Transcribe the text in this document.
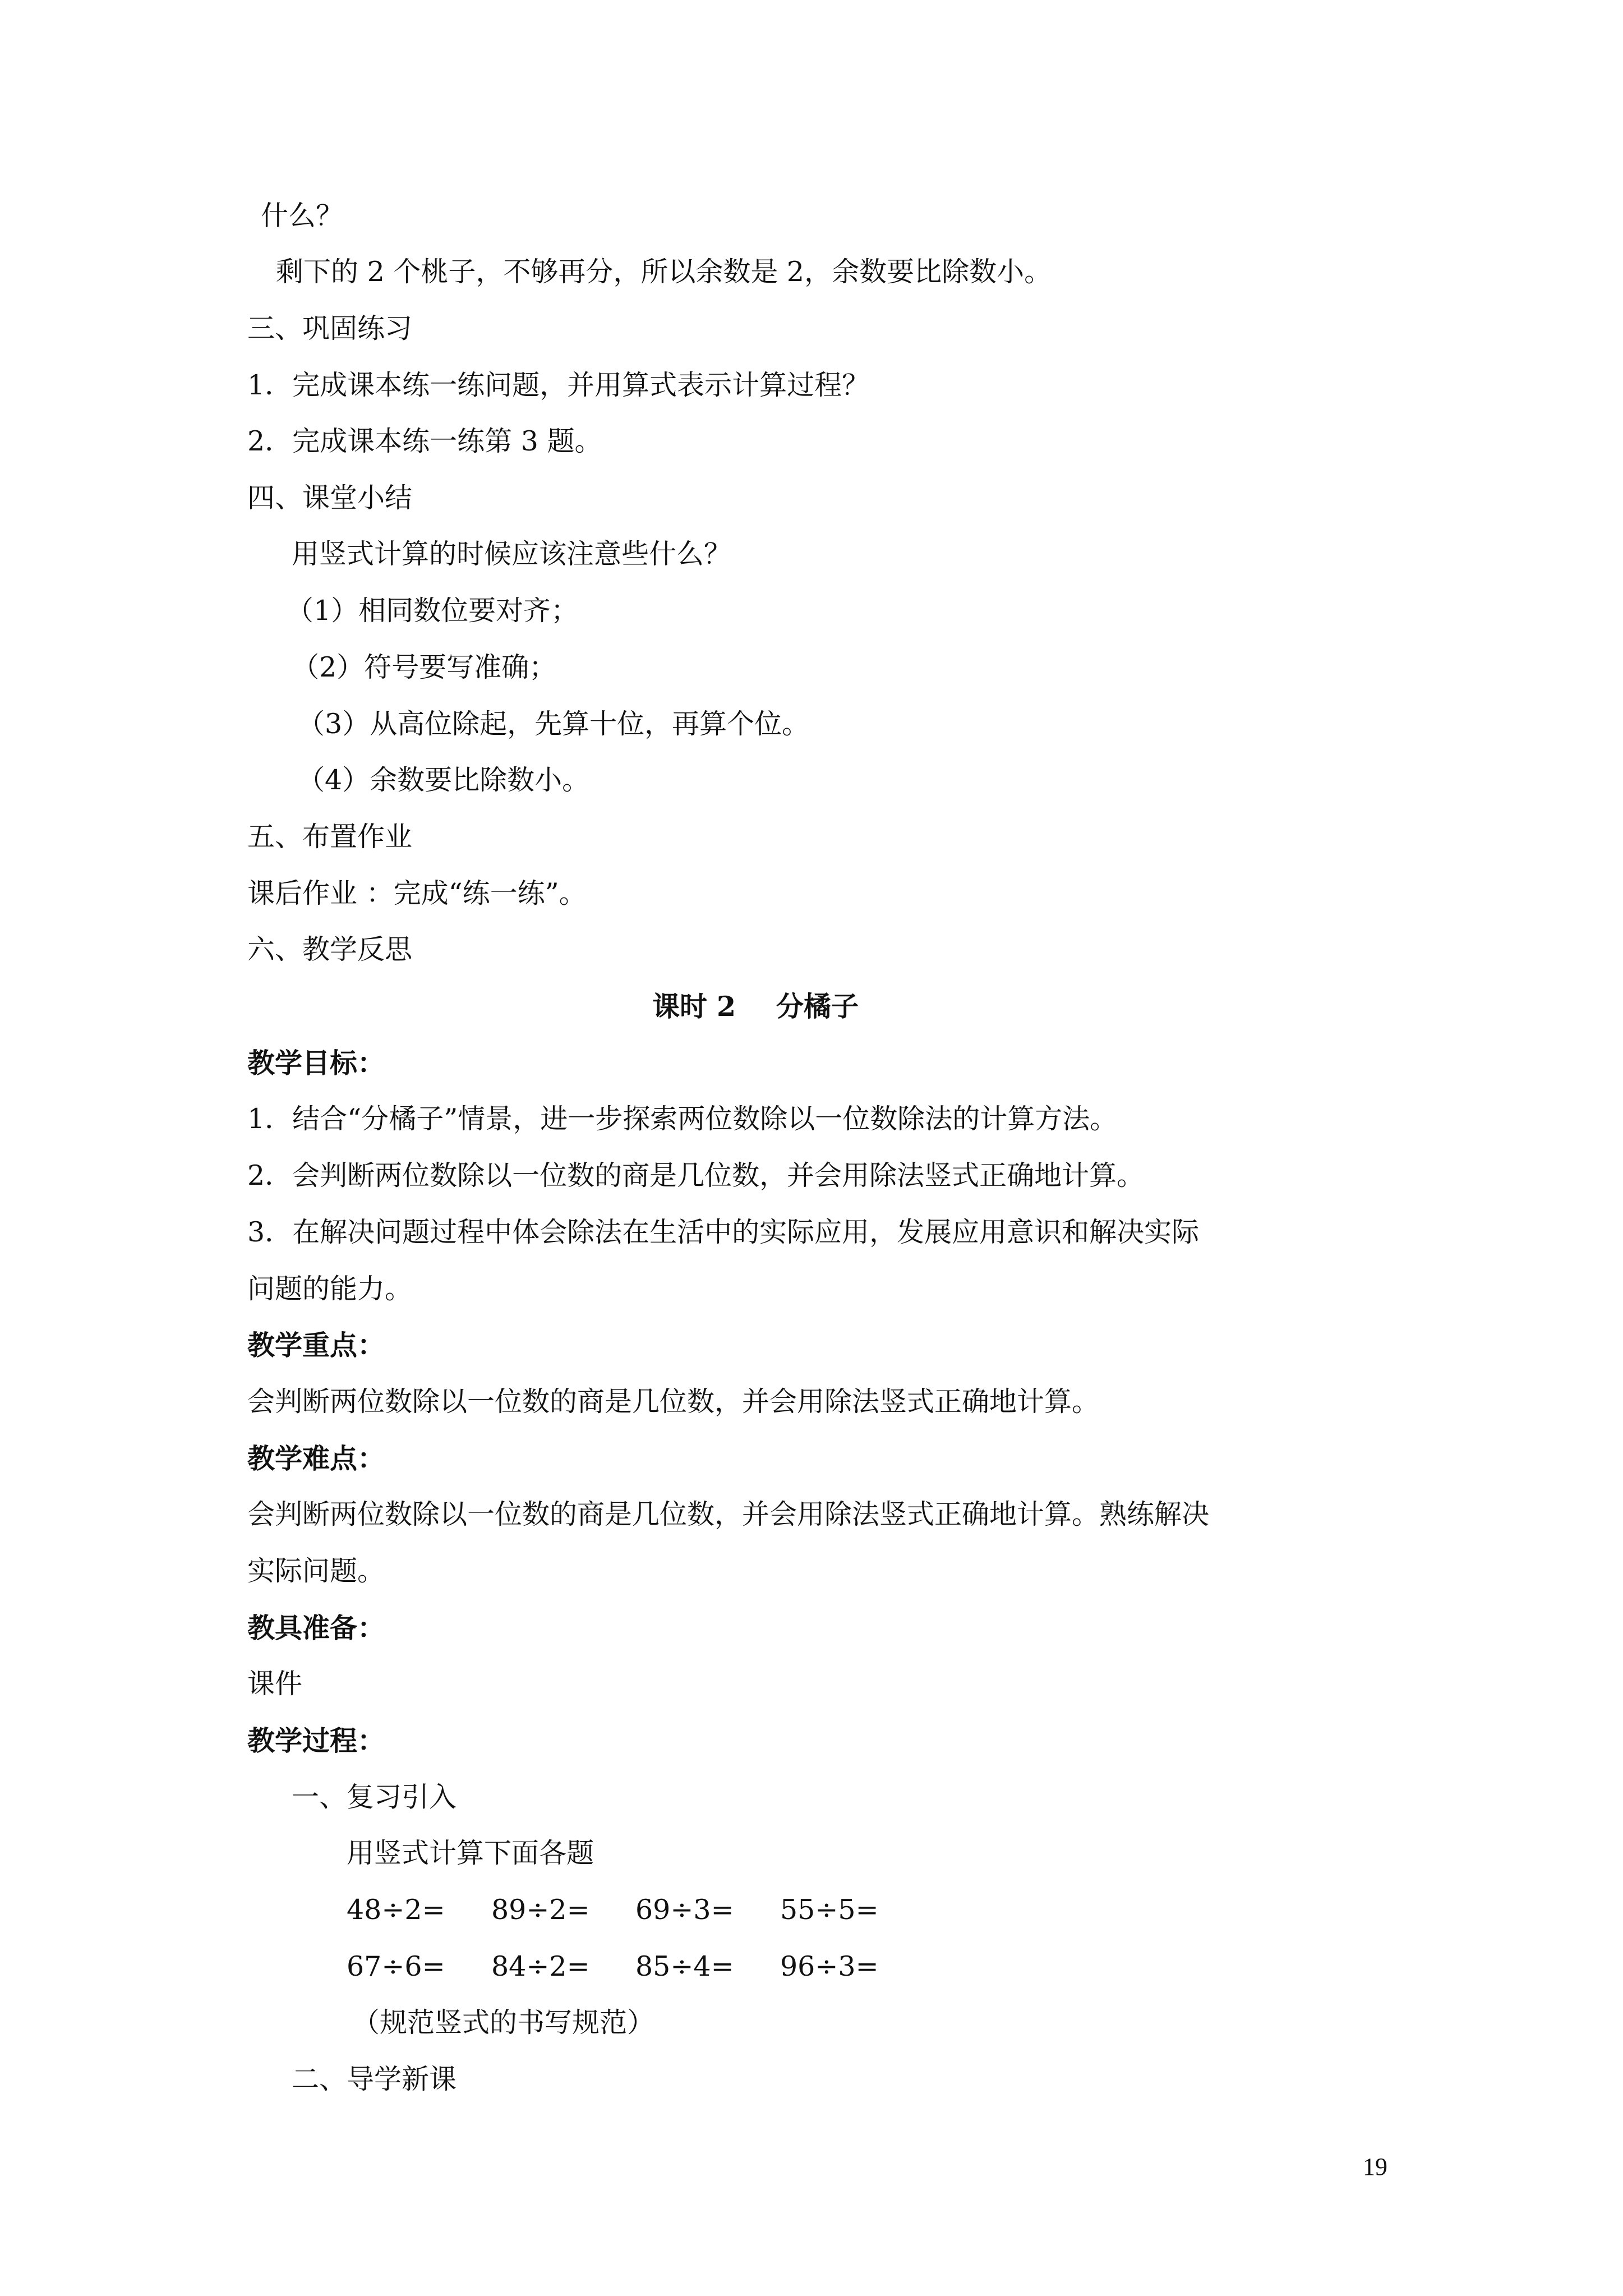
什么？
剩下的 2 个桃子，不够再分，所以余数是 2，余数要比除数小。
三、巩固练习
1．完成课本练一练问题，并用算式表示计算过程？
2．完成课本练一练第 3 题。
四、课堂小结
用竖式计算的时候应该注意些什么？
（1）相同数位要对齐；
（2）符号要写准确；
（3）从高位除起，先算十位，再算个位。
（4）余数要比除数小。
五、布置作业
课后作业 ：完成“练一练”。
六、教学反思
课时 2 分橘子
教学目标：
1．结合“分橘子”情景，进一步探索两位数除以一位数除法的计算方法。
2．会判断两位数除以一位数的商是几位数，并会用除法竖式正确地计算。
3．在解决问题过程中体会除法在生活中的实际应用，发展应用意识和解决实际
问题的能力。
教学重点：
会判断两位数除以一位数的商是几位数，并会用除法竖式正确地计算。
教学难点：
会判断两位数除以一位数的商是几位数，并会用除法竖式正确地计算。熟练解决
实际问题。
教具准备：
课件
教学过程：
一、复习引入
用竖式计算下面各题
48÷2= 89÷2= 69÷3= 55÷5=
67÷6= 84÷2= 85÷4= 96÷3=
（规范竖式的书写规范）
二、导学新课
19
